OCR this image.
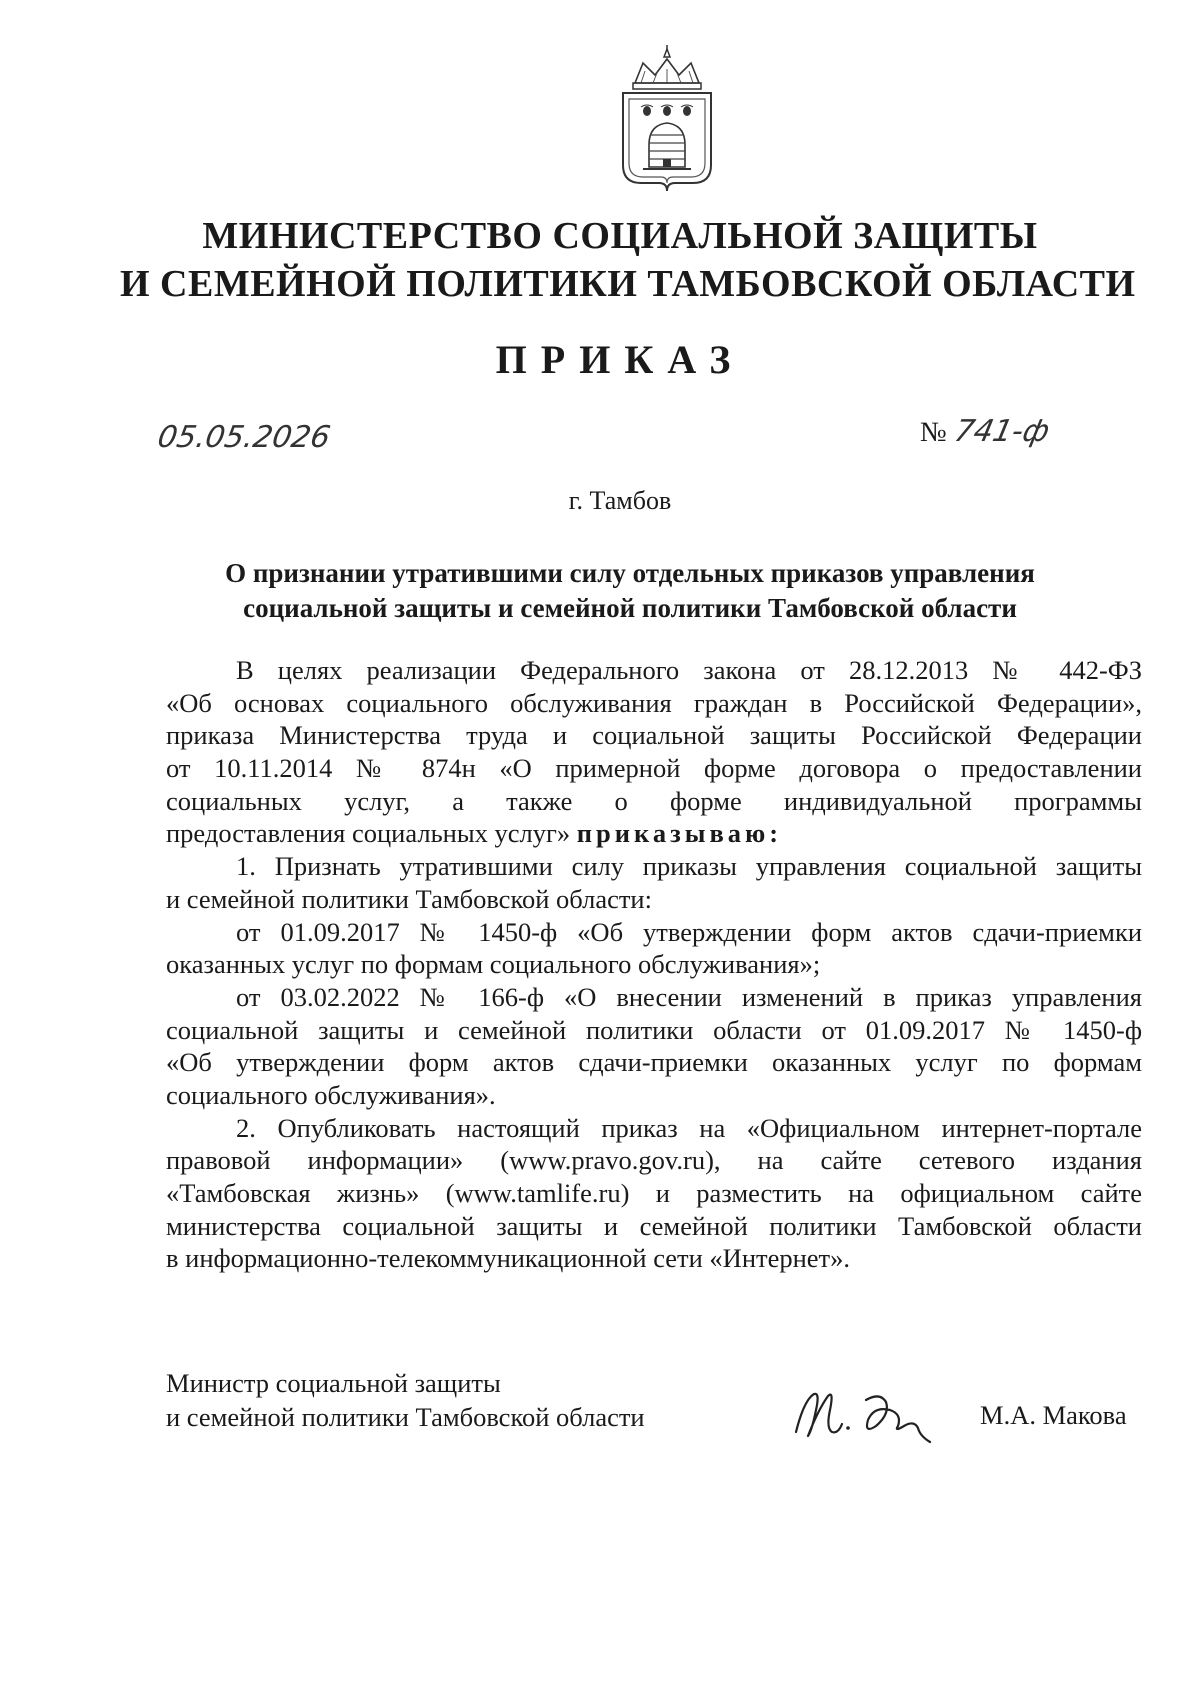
МИНИСТЕРСТВО СОЦИАЛЬНОЙ ЗАЩИТЫ
И СЕМЕЙНОЙ ПОЛИТИКИ ТАМБОВСКОЙ ОБЛАСТИ
ПРИКАЗ
05.05.2026	№ 741-ф
г. Тамбов
О признании утратившими силу отдельных приказов управления
социальной защиты и семейной политики Тамбовской области
В целях реализации Федерального закона от 28.12.2013 № 442-ФЗ
«Об основах социального обслуживания граждан в Российской Федерации»,
приказа Министерства труда и социальной защиты Российской Федерации
от 10.11.2014 № 874н «О примерной форме договора о предоставлении
социальных услуг, а также о форме индивидуальной программы
предоставления социальных услуг» приказываю:
1. Признать утратившими силу приказы управления социальной защиты
и семейной политики Тамбовской области:
от 01.09.2017 № 1450-ф «Об утверждении форм актов сдачи-приемки
оказанных услуг по формам социального обслуживания»;
от 03.02.2022 № 166-ф «О внесении изменений в приказ управления
социальной защиты и семейной политики области от 01.09.2017 № 1450-ф
«Об утверждении форм актов сдачи-приемки оказанных услуг по формам
социального обслуживания».
2. Опубликовать настоящий приказ на «Официальном интернет-портале
правовой информации» (www.pravo.gov.ru), на сайте сетевого издания
«Тамбовская жизнь» (www.tamlife.ru) и разместить на официальном сайте
министерства социальной защиты и семейной политики Тамбовской области
в информационно-телекоммуникационной сети «Интернет».
Министр социальной защиты
и семейной политики Тамбовской области	М.А. Макова
